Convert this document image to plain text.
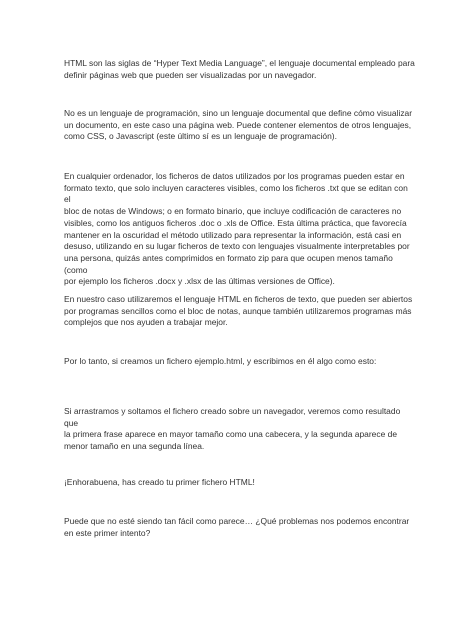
HTML son las siglas de “Hyper Text Media Language”, el lenguaje documental empleado para
definir páginas web que pueden ser visualizadas por un navegador.

No es un lenguaje de programación, sino un lenguaje documental que define cómo visualizar
un documento, en este caso una página web. Puede contener elementos de otros lenguajes,
como CSS, o Javascript (este último sí es un lenguaje de programación).

En cualquier ordenador, los ficheros de datos utilizados por los programas pueden estar en
formato texto, que solo incluyen caracteres visibles, como los ficheros .txt que se editan con el
bloc de notas de Windows; o en formato binario, que incluye codificación de caracteres no
visibles, como los antiguos ficheros .doc o .xls de Office. Esta última práctica, que favorecía
mantener en la oscuridad el método utilizado para representar la información, está casi en
desuso, utilizando en su lugar ficheros de texto con lenguajes visualmente interpretables por
una persona, quizás antes comprimidos en formato zip para que ocupen menos tamaño (como
por ejemplo los ficheros .docx y .xlsx de las últimas versiones de Office).

En nuestro caso utilizaremos el lenguaje HTML en ficheros de texto, que pueden ser abiertos
por programas sencillos como el bloc de notas, aunque también utilizaremos programas más
complejos que nos ayuden a trabajar mejor.

Por lo tanto, si creamos un fichero ejemplo.html, y escribimos en él algo como esto:

Si arrastramos y soltamos el fichero creado sobre un navegador, veremos como resultado que
la primera frase aparece en mayor tamaño como una cabecera, y la segunda aparece de
menor tamaño en una segunda línea.

¡Enhorabuena, has creado tu primer fichero HTML!

Puede que no esté siendo tan fácil como parece… ¿Qué problemas nos podemos encontrar
en este primer intento?
